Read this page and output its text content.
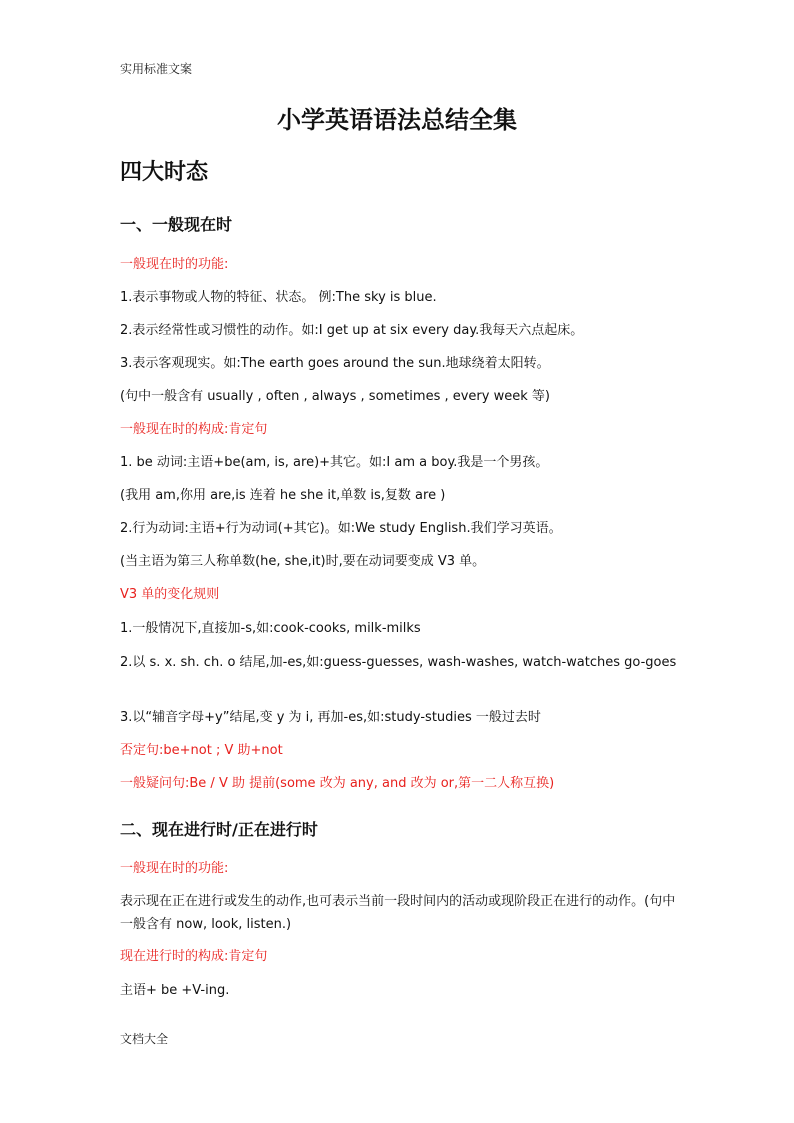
实用标准文案
小学英语语法总结全集
四大时态
一、一般现在时
一般现在时的功能:
1.表示事物或人物的特征、状态。 例:The sky is blue.
2.表示经常性或习惯性的动作。如:I get up at six every day.我每天六点起床。
3.表示客观现实。如:The earth goes around the sun.地球绕着太阳转。
(句中一般含有 usually , often , always , sometimes , every week 等)
一般现在时的构成:肯定句
1. be 动词:主语+be(am, is, are)+其它。如:I am a boy.我是一个男孩。
(我用 am,你用 are,is 连着 he she it,单数 is,复数 are )
2.行为动词:主语+行为动词(+其它)。如:We study English.我们学习英语。
(当主语为第三人称单数(he, she,it)时,要在动词要变成 V3 单。
V3 单的变化规则
1.一般情况下,直接加-s,如:cook-cooks, milk-milks
2.以 s. x. sh. ch. o 结尾,加-es,如:guess-guesses, wash-washes, watch-watches go-goes
3.以“辅音字母+y”结尾,变 y 为 i, 再加-es,如:study-studies 一般过去时
否定句:be+not ; V 助+not
一般疑问句:Be / V 助 提前(some 改为 any, and 改为 or,第一二人称互换)
二、现在进行时/正在进行时
一般现在时的功能:
表示现在正在进行或发生的动作,也可表示当前一段时间内的活动或现阶段正在进行的动作。(句中一般含有 now, look, listen.)
现在进行时的构成:肯定句
主语+ be +V-ing.
文档大全
